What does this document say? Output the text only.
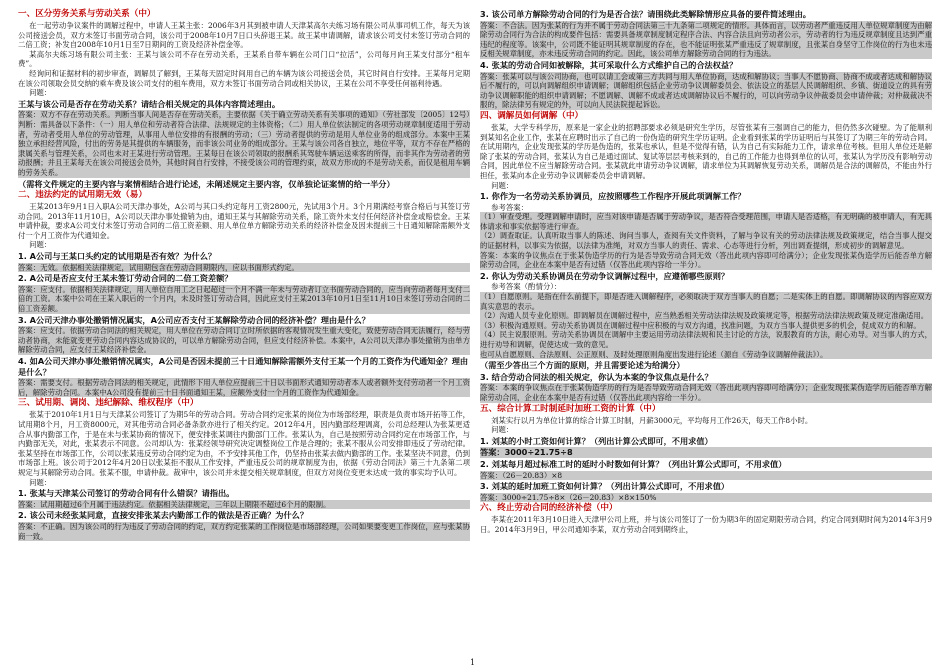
一、区分劳务关系与劳动关系（中）

在一起劳动争议案件的调解过程中，申请人王某主张：2006年3月其到被申请人天津某高尔夫练习场有限公司从事司机工作，每天为该公司接送会员，双方未签订书面劳动合同，该公司于2008年10月7日口头辞退王某。故王某申请调解，请求该公司支付未签订劳动合同的二倍工资；补发自2008年10月1日至7日期间的工资及经济补偿金等。

某高尔夫练习场有限公司主张：王某与该公司不存在劳动关系，王某系自带车辆在公司门口“拉活”，公司每月向王某支付部分“租车费”。

经询问和证据材料的初步审查，调解员了解到，王某每天固定时间用自己的车辆为该公司接送会员，其它时间自行安排。王某每月定期在该公司领取会员交纳的乘车费及该公司支付的租车费用，双方未签订书面劳动合同或相关协议，王某在公司不享受任何福利待遇。

问题：

王某与该公司是否存在劳动关系？请结合相关规定的具体内容简述理由。

答案：双方不存在劳动关系。判断当事人间是否存在劳动关系，主要依据《关于确立劳动关系有关事项的通知》（劳社部发〔2005〕12号）判断：需具备以下条件：（一）用人单位和劳动者符合法律、法规规定的主体资格；（二）用人单位依法制定的各项劳动规章制度适用于劳动者，劳动者受用人单位的劳动管理，从事用人单位安排的有报酬的劳动；（三）劳动者提供的劳动是用人单位业务的组成部分。本案中王某独立承担经营风险，付出的劳务是其提供的车辆服务，而非该公司业务的组成部分。王某与该公司各自独立，地位平等，双方不存在严格的隶属关系与管理关系，公司也未对王某进行劳动管理。王某每日在该公司领取的报酬系其驾驶车辆运送乘客的所得，而非其作为劳动者的劳动报酬；并且王某每天在该公司接送会员外，其他时间自行安排，不接受该公司的管理约束，故双方形成的不是劳动关系，而仅是租用车辆的劳务关系。

（需将文件规定的主要内容与案情相结合进行论述，未阐述规定主要内容，仅单独论证案情的给一半分）
二、违法约定的试用期无效（易）

王某2013年9月1日入职A公司天津办事处，A公司与其口头约定每月工资2800元，先试用3个月。3个月期满经考察合格后与其签订劳动合同。2013年11月10日，A公司以天津办事处撤销为由，通知王某与其解除劳动关系，除工资外未支付任何经济补偿金或赔偿金。王某申请仲裁，要求A公司支付未签订劳动合同的二倍工资差额、用人单位单方解除劳动关系的经济补偿金及因未提前三十日通知解除需额外支付一个月工资作为代通知金。

问题：

1. A公司与王某口头约定的试用期是否有效？为什么？

答案：无效。依据相关法律规定，试用期包含在劳动合同期限内，应以书面形式约定。

2. A公司是否应支付王某未签订劳动合同的二倍工资差额？

答案：应支付。依据相关法律规定，用人单位自用工之日起超过一个月不满一年未与劳动者订立书面劳动合同的，应当向劳动者每月支付二倍的工资。本案中公司在王某入职后的一个月内，未及时签订劳动合同，因此应支付王某2013年10月1日至11月10日未签订劳动合同的二倍工资差额。

3. A公司天津办事处撤销情况属实，A公司应否支付王某解除劳动合同的经济补偿？理由是什么？

答案：应支付。依据劳动合同法的相关规定，用人单位在劳动合同订立时所依据的客观情况发生重大变化，致使劳动合同无法履行，经与劳动者协商，未能就变更劳动合同内容达成协议的，可以单方解除劳动合同，但应支付经济补偿。本案中，A公司以天津办事处撤销为由单方解除劳动合同，应支付王某经济补偿金。

4. 如A公司天津办事处撤销情况属实，A公司是否因未提前三十日通知解除需额外支付王某一个月的工资作为代通知金？理由是什么？

答案：需要支付。根据劳动合同法的相关规定，此情形下用人单位应提前三十日以书面形式通知劳动者本人或者额外支付劳动者一个月工资后，解除劳动合同。本案中A公司没有提前三十日书面通知王某，应额外支付一个月的工资作为代通知金。

三、试用期、调岗、违纪解除、维权程序（中）

张某于2010年1月1日与天津某公司签订了为期5年的劳动合同。劳动合同约定张某的岗位为市场部经理，职责是负责市场开拓等工作，试用期8个月，月工资8000元，对其他劳动合同必备条款亦进行了相关约定。2012年4月，因内勤部经理调离，公司总经理认为张某更适合从事内勤部工作，于是在未与张某协商的情况下，便安排张某调往内勤部门工作。张某认为，自己是按照劳动合同约定在市场部工作，与内勤部无关，对此，张某表示不同意。公司却认为：张某经领导研究决定调整岗位工作是合理的；张某不服从公司安排即违反了劳动纪律。张某坚持在市场部工作，公司以张某违反劳动合同约定为由，不予安排其他工作，仍坚持由张某去做内勤部的工作。张某坚决不同意，仍到市场部上班。该公司于2012年4月20日以张某拒不服从工作安排，严重违反公司的规章制度为由，依据《劳动合同法》第三十九条第二项规定与其解除劳动合同。张某不服，申请仲裁。裁审中，该公司并未提交相关规章制度，但双方对岗位变更未达成一致的事实均予认可。

问题：

1. 张某与天津某公司签订的劳动合同有什么错误？请指出。

答案：试用期超过6个月属于违法约定。依据相关法律规定，三年以上期限不超过6个月的限制。

2. 该公司未经张某同意，直接安排张某去内勤部工作的做法是否正确？为什么？

答案：不正确。因为该公司的行为违反了劳动合同的约定，双方约定张某的工作岗位是市场部经理，公司如果要变更工作岗位，应与张某协商一致。

3. 该公司单方解除劳动合同的行为是否合法？请围绕此类解除情形应具备的要件简述理由。

答案：不合法。因为张某的行为并不属于劳动合同法第三十九条第二项规定的情形。具体而言，以劳动者严重违反用人单位规章制度为由解除劳动合同行为合法的构成要件包括：需要具备规章制度制定程序合法、内容合法且向劳动者公示，劳动者的行为违反规章制度且达到严重违纪的程度等。该案中，公司既不能证明其规章制度的存在，也不能证明张某严重违反了规章制度，且张某自身坚守工作岗位的行为也未违反相关规章制度，亦未违反劳动合同的约定。因此，该公司单方解除劳动合同的行为违法。

4. 张某的劳动合同如被解除，其可采取什么方式维护自己的合法权益？

答案：张某可以与该公司协商，也可以请工会或第三方共同与用人单位协商，达成和解协议；当事人不愿协商、协商不成或者达成和解协议后不履行的，可以向调解组织申请调解；调解组织包括企业劳动争议调解委员会、依法设立的基层人民调解组织、乡镇、街道设立的具有劳动争议调解职能的组织申请调解；不愿调解、调解不成或者达成调解协议后不履行的，可以向劳动争议仲裁委员会申请仲裁；对仲裁裁决不服的，除法律另有规定的外，可以向人民法院提起诉讼。

四、调解员如何调解（中）

张某，大学专科学历，原来是一家企业的招聘部要求必须是研究生学历，尽管张某有三强调自己的能力，但仍然多次碰壁。为了能顺利到某知名企业工作，张某在应聘时出示了自己的一份伪造的研究生学历证明。企业看到张某的学历证明后与其签订了为期三年的劳动合同。在试用期内，企业发现张某的学历是伪造的，张某也承认，但是不觉得有错，认为自己有实际能力工作，请求单位考核。但用人单位还是解除了张某的劳动合同，张某认为自己是通过面试、复试等层层考核来到的，自己的工作能力也得到单位的认可，张某认为学历没有影响劳动合同，因此单位不应当解除劳动合同。张某就此申请劳动争议调解，请求单位为其调解恢复劳动关系，调解员是合法的调解员，不能由外行担任，张某向本企业劳动争议调解委员会申请调解。

问题：

1. 你作为一名劳动关系协调员，应按照哪些工作程序开展此项调解工作？

参考答案：

（1）审查受理。受理调解申请时，应当对该申请是否属于劳动争议，是否符合受理范围，申请人是否适格，有无明确的被申请人，有无具体请求和事实依据等进行审查。

（2）调查取证。认真听取当事人的陈述、询问当事人，查阅有关文件资料，了解与争议有关的劳动法律法规及政策规定，结合当事人提交的证据材料，以事实为依据，以法律为准绳，对双方当事人的责任、需求、心态等进行分析，列出调查提纲，形成初步的调解意见。

答案：本案的争议焦点在于张某伪造学历的行为是否导致劳动合同无效（答出此项内容即可给满分）；企业发现张某伪造学历后能否单方解除劳动合同，企业在本案中是否有过错（仅答出此项内容给一半分）。

2. 你认为劳动关系协调员在劳动争议调解过程中，应遵循哪些原则？

参考答案（酌情分）：

（1）自愿原则。是指在什么前提下，即是否进入调解程序，必须取决于双方当事人的自愿；二是实体上的自愿。即调解协议的内容应双方真实意思的表示。

（2）沟通人员专业化原则。即调解员在调解过程中，应当熟悉相关劳动法律法规及政策规定等，根据劳动法律法规政策及规定准确适用。

（3）积极沟通原则。劳动关系协调员在调解过程中应积极的与双方沟通，找准问题，为双方当事人提供更多的机会，促成双方的和解。

（4）民主说服原则。劳动关系协调员在调解中主要运用劳动法律法规和民主讨论的方法，说服教育的方法，耐心劝导。对当事人的方式，进行劝导和调解，促使达成一致的意见。

也可从自愿原则、合法原则、公正原则、及时处理原则角度出发进行论述（源自《劳动争议调解仲裁法》）。

（需至少答出三个方面的原则，并且需要论述为给满分）
3. 结合劳动合同法的相关规定，你认为本案的争议焦点是什么？

答案：本案的争议焦点在于张某伪造学历的行为是否导致劳动合同无效（答出此项内容即可给满分）；企业发现张某伪造学历后能否单方解除劳动合同，企业在本案中是否有过错（仅答出此项内容给一半分）。

五、综合计算工时制延时加班工资的计算（中）

刘某实行以月为单位计算的综合计算工时制，月薪3000元，平均每月工作26天，每天工作8小时。

问题：

1. 刘某的小时工资如何计算？（列出计算公式即可，不用求值）
答案：3000÷21.75÷8
2. 刘某每月超过标准工时的延时小时数如何计算？（列出计算公式即可，不用求值）

答案：（26－20.83）×8

3. 刘某的延时加班工资如何计算？（列出计算公式即可，不用求值）

答案：3000÷21.75÷8×（26－20.83）×8×150%

六、终止劳动合同的经济补偿（中）

李某在2011年3月10日进入天津甲公司上班，并与该公司签订了一份为期3年的固定期限劳动合同，约定合同到期时间为2014年3月9日。2014年3月9日，甲公司通知李某，双方劳动合同到期终止，

1
